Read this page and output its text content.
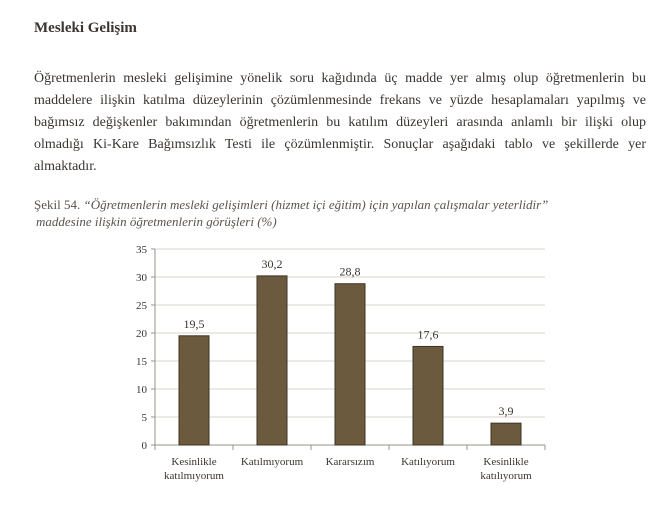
Mesleki Gelişim
Öğretmenlerin mesleki gelişimine yönelik soru kağıdında üç madde yer almış olup öğretmenlerin bu maddelere ilişkin katılma düzeylerinin çözümlenmesinde frekans ve yüzde hesaplamaları yapılmış ve bağımsız değişkenler bakımından öğretmenlerin bu katılım düzeyleri arasında anlamlı bir ilişki olup olmadığı Ki-Kare Bağımsızlık Testi ile çözümlenmiştir. Sonuçlar aşağıdaki tablo ve şekillerde yer almaktadır.
Şekil 54. “Öğretmenlerin mesleki gelişimleri (hizmet içi eğitim) için yapılan çalışmalar yeterlidir”
maddesine ilişkin öğretmenlerin görüşleri (%)
0
5
10
15
20
25
30
35
19,5
Kesinlikle katılmıyorum
30,2
Katılmıyorum
28,8
Kararsızım
17,6
Katılıyorum
3,9
Kesinlikle katılıyorum
